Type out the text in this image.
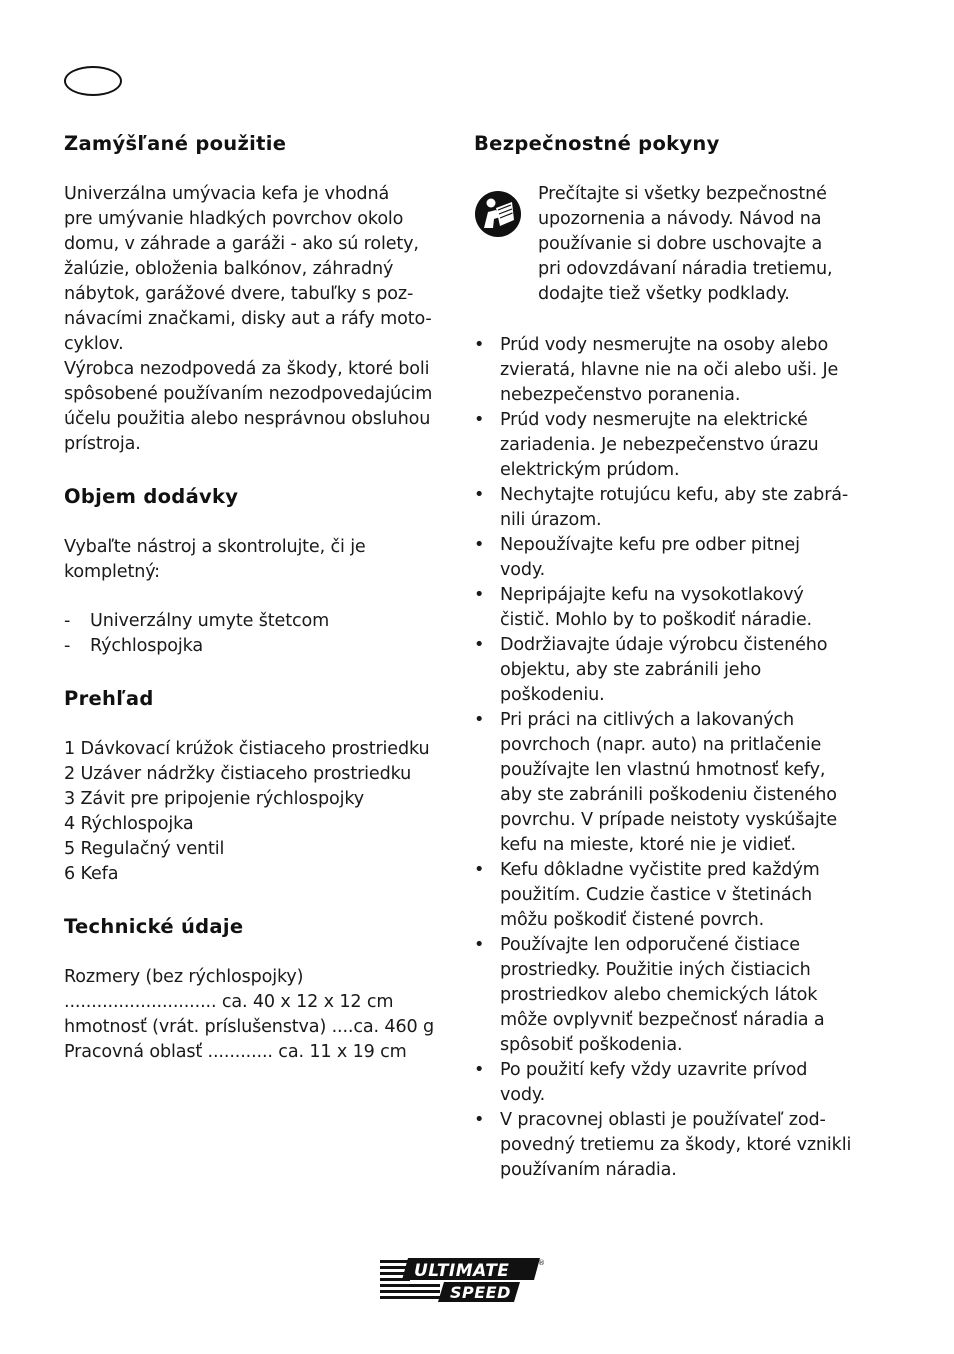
Zamýšľané použitie

Univerzálna umývacia kefa je vhodná
pre umývanie hladkých povrchov okolo
domu, v záhrade a garáži - ako sú rolety,
žalúzie, obloženia balkónov, záhradný
nábytok, garážové dvere, tabuľky s poz-
návacími značkami, disky aut a ráfy moto-
cyklov.
Výrobca nezodpovedá za škody, ktoré boli
spôsobené používaním nezodpovedajúcim
účelu použitia alebo nesprávnou obsluhou
prístroja.

Objem dodávky

Vybaľte nástroj a skontrolujte, či je
kompletný:

- Univerzálny umyte štetcom
- Rýchlospojka
Prehľad
1 Dávkovací krúžok čistiaceho prostriedku
2 Uzáver nádržky čistiaceho prostriedku
3 Závit pre pripojenie rýchlospojky
4 Rýchlospojka
5 Regulačný ventil
6 Kefa
Technické údaje
Rozmery (bez rýchlospojky)
............................ ca. 40 x 12 x 12 cm
hmotnosť (vrát. príslušenstva) ....ca. 460 g
Pracovná oblasť ............ ca. 11 x 19 cm
Bezpečnostné pokyny

Prečítajte si všetky bezpečnostné
upozornenia a návody. Návod na
používanie si dobre uschovajte a
pri odovzdávaní náradia tretiemu,
dodajte tiež všetky podklady.

• Prúd vody nesmerujte na osoby alebo
zvieratá, hlavne nie na oči alebo uši. Je
nebezpečenstvo poranenia.
• Prúd vody nesmerujte na elektrické
zariadenia. Je nebezpečenstvo úrazu
elektrickým prúdom.
• Nechytajte rotujúcu kefu, aby ste zabrá-
nili úrazom.
• Nepoužívajte kefu pre odber pitnej
vody.
• Nepripájajte kefu na vysokotlakový
čistič. Mohlo by to poškodiť náradie.
• Dodržiavajte údaje výrobcu čisteného
objektu, aby ste zabránili jeho
poškodeniu.
• Pri práci na citlivých a lakovaných
povrchoch (napr. auto) na pritlačenie
používajte len vlastnú hmotnosť kefy,
aby ste zabránili poškodeniu čisteného
povrchu. V prípade neistoty vyskúšajte
kefu na mieste, ktoré nie je vidieť.
• Kefu dôkladne vyčistite pred každým
použitím. Cudzie častice v štetinách
môžu poškodiť čistené povrch.
• Používajte len odporučené čistiace
prostriedky. Použitie iných čistiacich
prostriedkov alebo chemických látok
môže ovplyvniť bezpečnosť náradia a
spôsobiť poškodenia.
• Po použití kefy vždy uzavrite prívod
vody.
• V pracovnej oblasti je používateľ zod-
povedný tretiemu za škody, ktoré vznikli
používaním náradia.
ULTIMATE
SPEED
®
